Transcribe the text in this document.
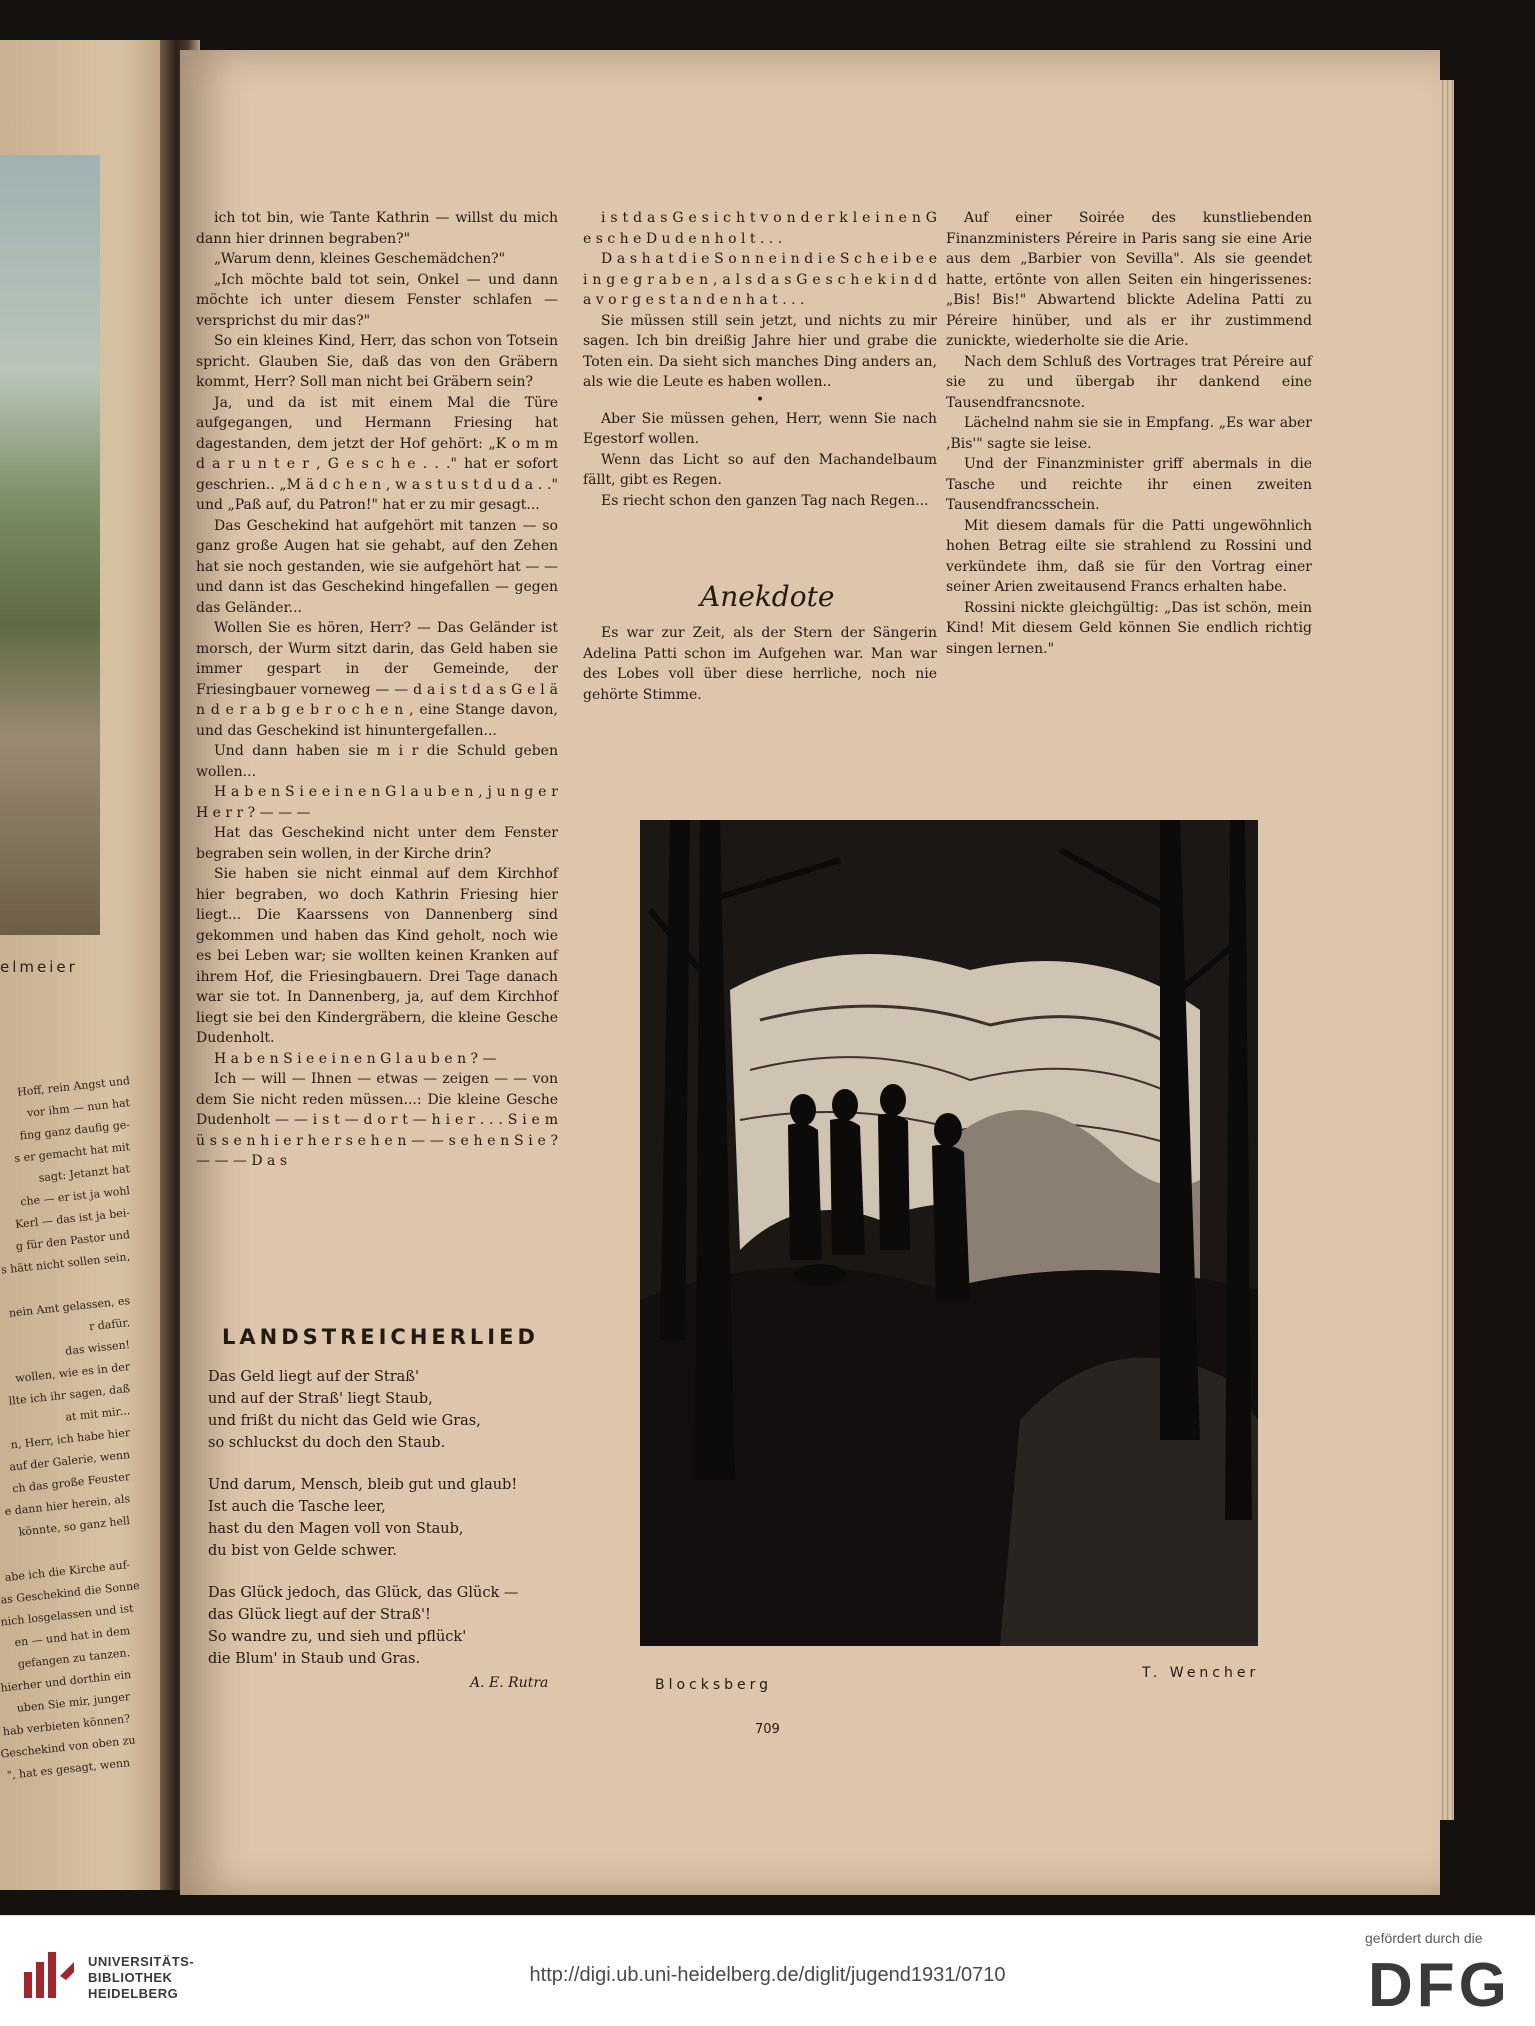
elmeier
Hoff, rein Angst und
vor ihm — nun hat
fing ganz daufig ge-
s er gemacht hat mit
sagt: Jetanzt hat
che — er ist ja wohl
Kerl — das ist ja bei-
g für den Pastor und
s hätt nicht sollen sein,

nein Amt gelassen, es
r dafür.
das wissen!
wollen, wie es in der
llte ich ihr sagen, daß
at mit mir...
n, Herr, ich habe hier
auf der Galerie, wenn
ch das große Feuster
e dann hier herein, als
könnte, so ganz hell

abe ich die Kirche auf-
as Geschekind die Sonne
nich losgelassen und ist
en — und hat in dem
gefangen zu tanzen.
hierher und dorthin ein
uben Sie mir, junger
hab verbieten können?
Geschekind von oben zu
", hat es gesagt, wenn

ich tot bin, wie Tante Kathrin — willst du mich dann hier drinnen begraben?"

„Warum denn, kleines Geschemädchen?"

„Ich möchte bald tot sein, Onkel — und dann möchte ich unter diesem Fenster schlafen — versprichst du mir das?"

So ein kleines Kind, Herr, das schon von Totsein spricht. Glauben Sie, daß das von den Gräbern kommt, Herr? Soll man nicht bei Gräbern sein?

Ja, und da ist mit einem Mal die Türe aufgegangen, und Hermann Friesing hat dagestanden, dem jetzt der Hof gehört: „K o m m d a r u n t e r , G e s c h e . . ." hat er sofort geschrien.. „M ä d c h e n , w a s t u s t d u d a . ." und „Paß auf, du Patron!" hat er zu mir gesagt...

Das Geschekind hat aufgehört mit tanzen — so ganz große Augen hat sie gehabt, auf den Zehen hat sie noch gestanden, wie sie aufgehört hat — — und dann ist das Geschekind hingefallen — gegen das Geländer...

Wollen Sie es hören, Herr? — Das Geländer ist morsch, der Wurm sitzt darin, das Geld haben sie immer gespart in der Gemeinde, der Friesingbauer vorneweg — — d a i s t d a s G e l ä n d e r a b g e b r o c h e n , eine Stange davon, und das Geschekind ist hinuntergefallen...

Und dann haben sie m i r die Schuld geben wollen...

H a b e n S i e e i n e n G l a u b e n , j u n g e r H e r r ? — — —

Hat das Geschekind nicht unter dem Fenster begraben sein wollen, in der Kirche drin?

Sie haben sie nicht einmal auf dem Kirchhof hier begraben, wo doch Kathrin Friesing hier liegt... Die Kaarssens von Dannenberg sind gekommen und haben das Kind geholt, noch wie es bei Leben war; sie wollten keinen Kranken auf ihrem Hof, die Friesingbauern. Drei Tage danach war sie tot. In Dannenberg, ja, auf dem Kirchhof liegt sie bei den Kindergräbern, die kleine Gesche Dudenholt.

H a b e n S i e e i n e n G l a u b e n ? —

Ich — will — Ihnen — etwas — zeigen — — von dem Sie nicht reden müssen...: Die kleine Gesche Dudenholt — — i s t — d o r t — h i e r . . . S i e m ü s s e n h i e r h e r s e h e n — — s e h e n S i e ? — — — D a s

i s t d a s G e s i c h t v o n d e r k l e i n e n G e s c h e D u d e n h o l t . . .

D a s h a t d i e S o n n e i n d i e S c h e i b e e i n g e g r a b e n , a l s d a s G e s c h e k i n d d a v o r g e s t a n d e n h a t . . .

Sie müssen still sein jetzt, und nichts zu mir sagen. Ich bin dreißig Jahre hier und grabe die Toten ein. Da sieht sich manches Ding anders an, als wie die Leute es haben wollen..

•

Aber Sie müssen gehen, Herr, wenn Sie nach Egestorf wollen.

Wenn das Licht so auf den Machandelbaum fällt, gibt es Regen.

Es riecht schon den ganzen Tag nach Regen...

Anekdote

Es war zur Zeit, als der Stern der Sängerin Adelina Patti schon im Aufgehen war. Man war des Lobes voll über diese herrliche, noch nie gehörte Stimme.

Auf einer Soirée des kunstliebenden Finanzministers Péreire in Paris sang sie eine Arie aus dem „Barbier von Sevilla". Als sie geendet hatte, ertönte von allen Seiten ein hingerissenes: „Bis! Bis!" Abwartend blickte Adelina Patti zu Péreire hinüber, und als er ihr zustimmend zunickte, wiederholte sie die Arie.

Nach dem Schluß des Vortrages trat Péreire auf sie zu und übergab ihr dankend eine Tausendfrancsnote.

Lächelnd nahm sie sie in Empfang. „Es war aber ‚Bis'" sagte sie leise.

Und der Finanzminister griff abermals in die Tasche und reichte ihr einen zweiten Tausendfrancsschein.

Mit diesem damals für die Patti ungewöhnlich hohen Betrag eilte sie strahlend zu Rossini und verkündete ihm, daß sie für den Vortrag einer seiner Arien zweitausend Francs erhalten habe.

Rossini nickte gleichgültig: „Das ist schön, mein Kind! Mit diesem Geld können Sie endlich richtig singen lernen."

LANDSTREICHERLIED
Das Geld liegt auf der Straß'
und auf der Straß' liegt Staub,
und frißt du nicht das Geld wie Gras,
so schluckst du doch den Staub.
Und darum, Mensch, bleib gut und glaub!
Ist auch die Tasche leer,
hast du den Magen voll von Staub,
du bist von Gelde schwer.
Das Glück jedoch, das Glück, das Glück —
das Glück liegt auf der Straß'!
So wandre zu, und sieh und pflück'
die Blum' in Staub und Gras.
A. E. Rutra	Blocksberg
T. Wencher
709
UNIVERSITÄTS-
BIBLIOTHEK
HEIDELBERG
http://digi.ub.uni-heidelberg.de/diglit/jugend1931/0710
gefördert durch die
DFG
